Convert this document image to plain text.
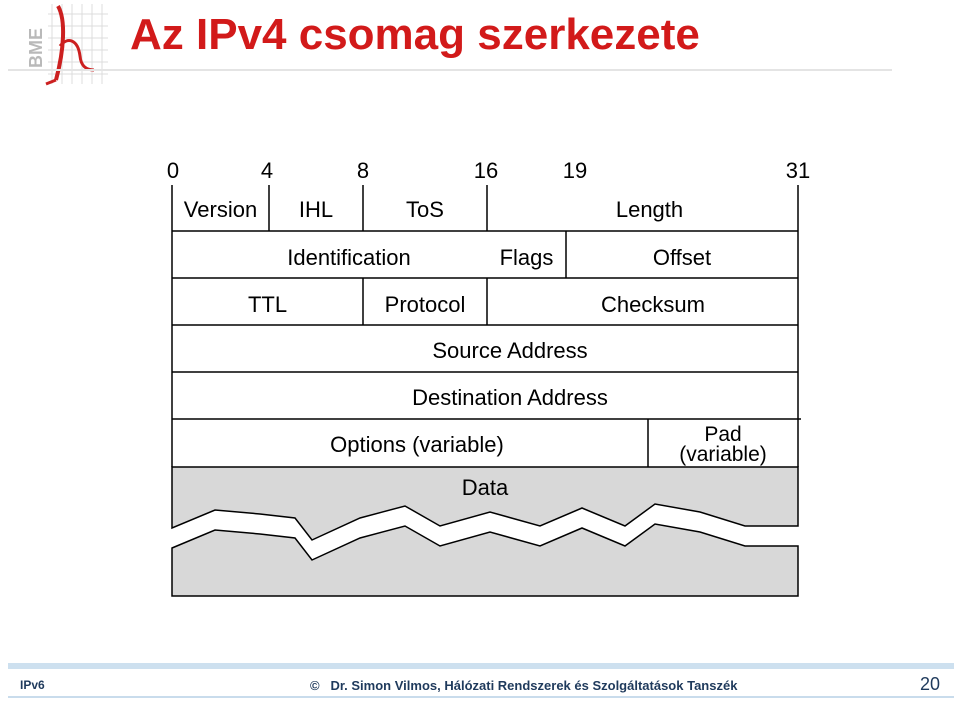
BME Az IPv4 csomag szerkezete
0	4	8	16	19	31
Version	IHL	ToS	Length
Identification	Flags	Offset
TTL	Protocol	Checksum
Source Address
Destination Address
Options (variable)	Pad
(variable)
Data
IPv6	© Dr. Simon Vilmos, Hálózati Rendszerek és Szolgáltatások Tanszék	20
